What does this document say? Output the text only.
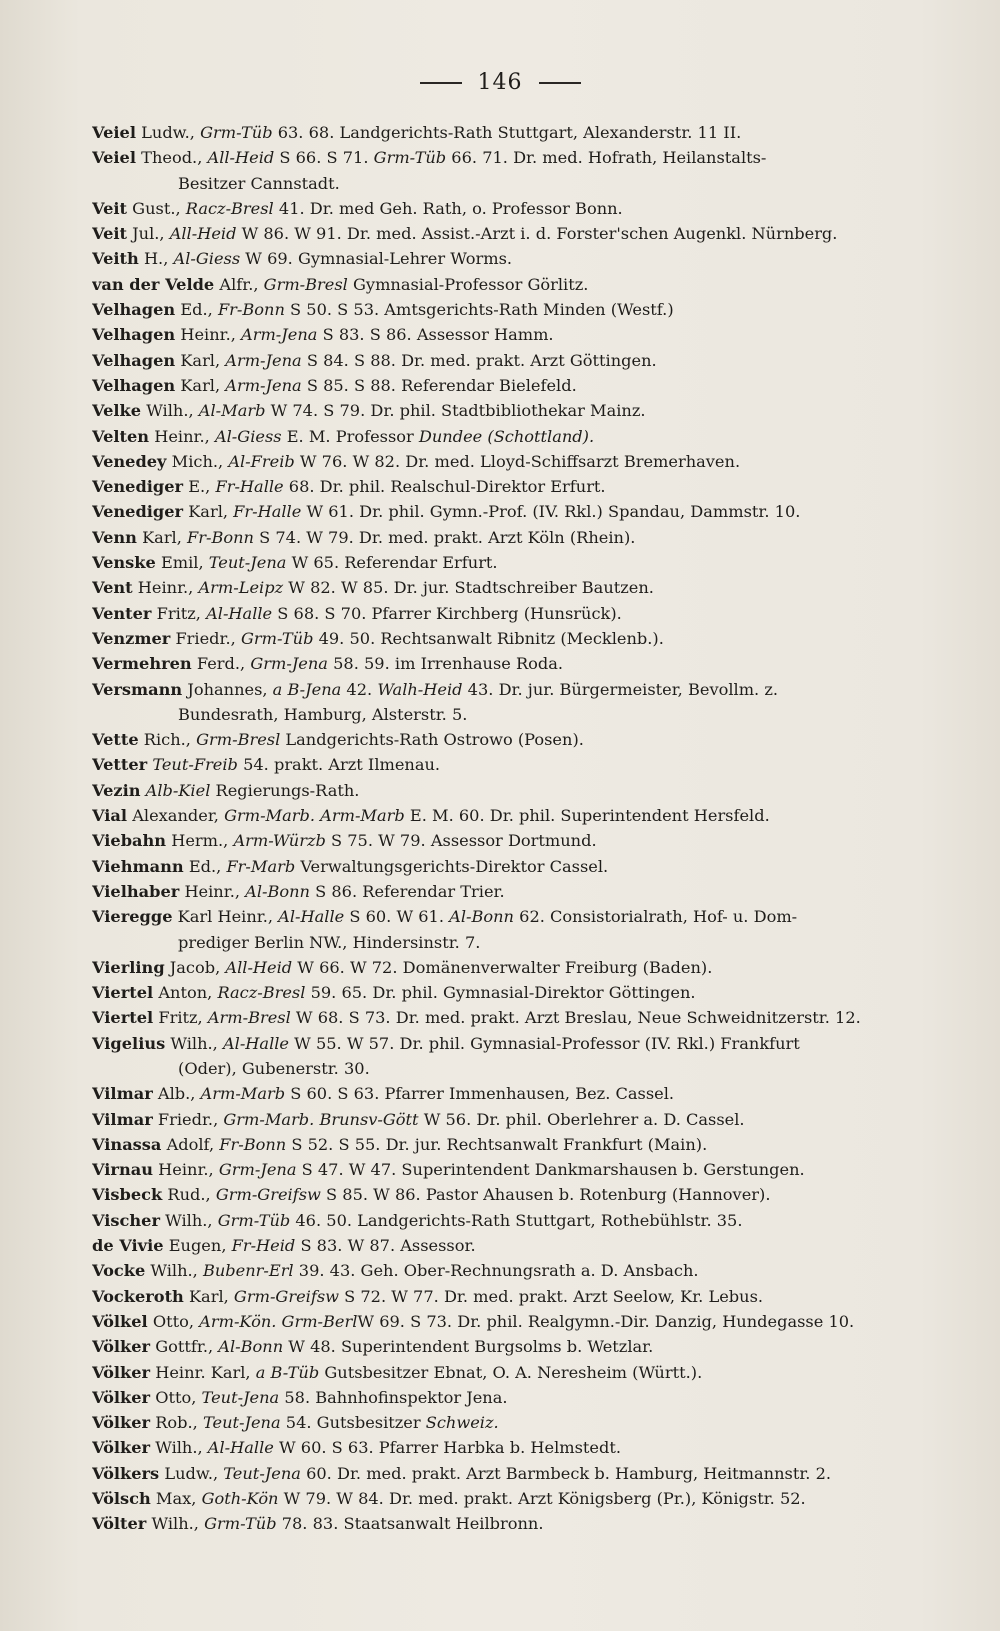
146
Veiel Ludw., Grm-Tüb 63. 68. Landgerichts-Rath Stuttgart, Alexanderstr. 11 II.
Veiel Theod., All-Heid S 66. S 71. Grm-Tüb 66. 71. Dr. med. Hofrath, Heilanstalts-
Besitzer Cannstadt.
Veit Gust., Racz-Bresl 41. Dr. med Geh. Rath, o. Professor Bonn.
Veit Jul., All-Heid W 86. W 91. Dr. med. Assist.-Arzt i. d. Forster'schen Augenkl. Nürnberg.
Veith H., Al-Giess W 69. Gymnasial-Lehrer Worms.
van der Velde Alfr., Grm-Bresl Gymnasial-Professor Görlitz.
Velhagen Ed., Fr-Bonn S 50. S 53. Amtsgerichts-Rath Minden (Westf.)
Velhagen Heinr., Arm-Jena S 83. S 86. Assessor Hamm.
Velhagen Karl, Arm-Jena S 84. S 88. Dr. med. prakt. Arzt Göttingen.
Velhagen Karl, Arm-Jena S 85. S 88. Referendar Bielefeld.
Velke Wilh., Al-Marb W 74. S 79. Dr. phil. Stadtbibliothekar Mainz.
Velten Heinr., Al-Giess E. M. Professor Dundee (Schottland).
Venedey Mich., Al-Freib W 76. W 82. Dr. med. Lloyd-Schiffsarzt Bremerhaven.
Venediger E., Fr-Halle 68. Dr. phil. Realschul-Direktor Erfurt.
Venediger Karl, Fr-Halle W 61. Dr. phil. Gymn.-Prof. (IV. Rkl.) Spandau, Dammstr. 10.
Venn Karl, Fr-Bonn S 74. W 79. Dr. med. prakt. Arzt Köln (Rhein).
Venske Emil, Teut-Jena W 65. Referendar Erfurt.
Vent Heinr., Arm-Leipz W 82. W 85. Dr. jur. Stadtschreiber Bautzen.
Venter Fritz, Al-Halle S 68. S 70. Pfarrer Kirchberg (Hunsrück).
Venzmer Friedr., Grm-Tüb 49. 50. Rechtsanwalt Ribnitz (Mecklenb.).
Vermehren Ferd., Grm-Jena 58. 59. im Irrenhause Roda.
Versmann Johannes, a B-Jena 42. Walh-Heid 43. Dr. jur. Bürgermeister, Bevollm. z.
Bundesrath, Hamburg, Alsterstr. 5.
Vette Rich., Grm-Bresl Landgerichts-Rath Ostrowo (Posen).
Vetter Teut-Freib 54. prakt. Arzt Ilmenau.
Vezin Alb-Kiel Regierungs-Rath.
Vial Alexander, Grm-Marb. Arm-Marb E. M. 60. Dr. phil. Superintendent Hersfeld.
Viebahn Herm., Arm-Würzb S 75. W 79. Assessor Dortmund.
Viehmann Ed., Fr-Marb Verwaltungsgerichts-Direktor Cassel.
Vielhaber Heinr., Al-Bonn S 86. Referendar Trier.
Vieregge Karl Heinr., Al-Halle S 60. W 61. Al-Bonn 62. Consistorialrath, Hof- u. Dom-
prediger Berlin NW., Hindersinstr. 7.
Vierling Jacob, All-Heid W 66. W 72. Domänenverwalter Freiburg (Baden).
Viertel Anton, Racz-Bresl 59. 65. Dr. phil. Gymnasial-Direktor Göttingen.
Viertel Fritz, Arm-Bresl W 68. S 73. Dr. med. prakt. Arzt Breslau, Neue Schweidnitzerstr. 12.
Vigelius Wilh., Al-Halle W 55. W 57. Dr. phil. Gymnasial-Professor (IV. Rkl.) Frankfurt
(Oder), Gubenerstr. 30.
Vilmar Alb., Arm-Marb S 60. S 63. Pfarrer Immenhausen, Bez. Cassel.
Vilmar Friedr., Grm-Marb. Brunsv-Gött W 56. Dr. phil. Oberlehrer a. D. Cassel.
Vinassa Adolf, Fr-Bonn S 52. S 55. Dr. jur. Rechtsanwalt Frankfurt (Main).
Virnau Heinr., Grm-Jena S 47. W 47. Superintendent Dankmarshausen b. Gerstungen.
Visbeck Rud., Grm-Greifsw S 85. W 86. Pastor Ahausen b. Rotenburg (Hannover).
Vischer Wilh., Grm-Tüb 46. 50. Landgerichts-Rath Stuttgart, Rothebühlstr. 35.
de Vivie Eugen, Fr-Heid S 83. W 87. Assessor.
Vocke Wilh., Bubenr-Erl 39. 43. Geh. Ober-Rechnungsrath a. D. Ansbach.
Vockeroth Karl, Grm-Greifsw S 72. W 77. Dr. med. prakt. Arzt Seelow, Kr. Lebus.
Völkel Otto, Arm-Kön. Grm-BerlW 69. S 73. Dr. phil. Realgymn.-Dir. Danzig, Hundegasse 10.
Völker Gottfr., Al-Bonn W 48. Superintendent Burgsolms b. Wetzlar.
Völker Heinr. Karl, a B-Tüb Gutsbesitzer Ebnat, O. A. Neresheim (Württ.).
Völker Otto, Teut-Jena 58. Bahnhofinspektor Jena.
Völker Rob., Teut-Jena 54. Gutsbesitzer Schweiz.
Völker Wilh., Al-Halle W 60. S 63. Pfarrer Harbka b. Helmstedt.
Völkers Ludw., Teut-Jena 60. Dr. med. prakt. Arzt Barmbeck b. Hamburg, Heitmannstr. 2.
Völsch Max, Goth-Kön W 79. W 84. Dr. med. prakt. Arzt Königsberg (Pr.), Königstr. 52.
Völter Wilh., Grm-Tüb 78. 83. Staatsanwalt Heilbronn.
